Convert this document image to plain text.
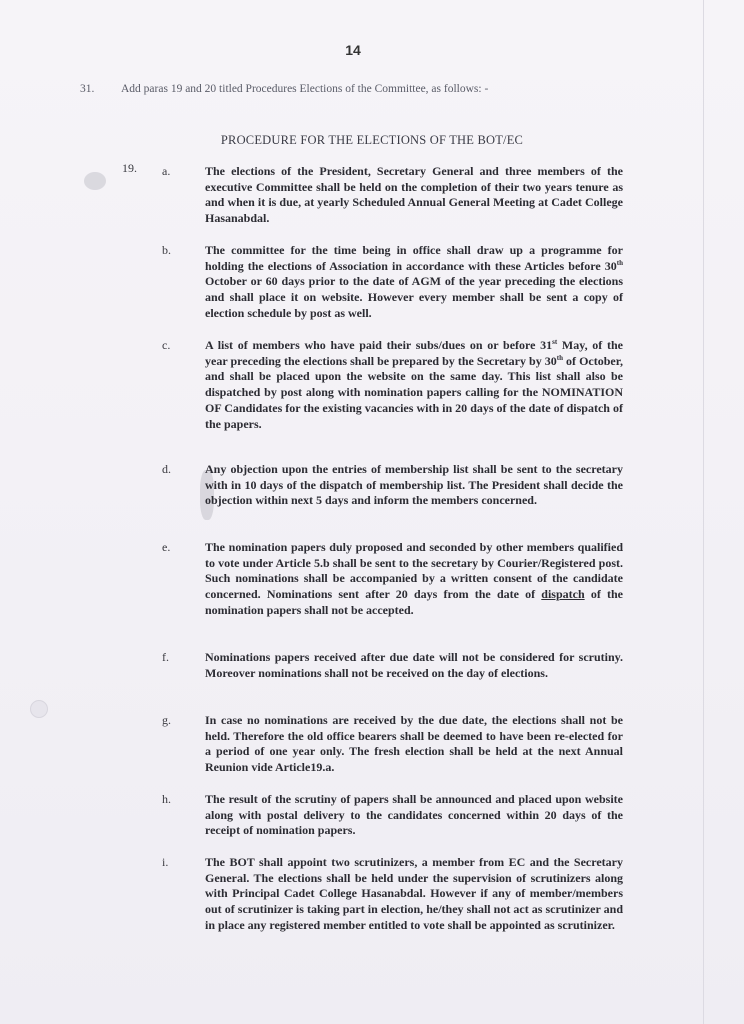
14
31. Add paras 19 and 20 titled Procedures Elections of the Committee, as follows: -
PROCEDURE FOR THE ELECTIONS OF THE BOT/EC
19. a.	The elections of the President, Secretary General and three members of the executive Committee shall be held on the completion of their two years tenure as and when it is due, at yearly Scheduled Annual General Meeting at Cadet College Hasanabdal.
b.	The committee for the time being in office shall draw up a programme for holding the elections of Association in accordance with these Articles before 30th October or 60 days prior to the date of AGM of the year preceding the elections and shall place it on website. However every member shall be sent a copy of election schedule by post as well.
c.	A list of members who have paid their subs/dues on or before 31st May, of the year preceding the elections shall be prepared by the Secretary by 30th of October, and shall be placed upon the website on the same day. This list shall also be dispatched by post along with nomination papers calling for the NOMINATION OF Candidates for the existing vacancies with in 20 days of the date of dispatch of the papers.
d.	Any objection upon the entries of membership list shall be sent to the secretary with in 10 days of the dispatch of membership list. The President shall decide the objection within next 5 days and inform the members concerned.
e.	The nomination papers duly proposed and seconded by other members qualified to vote under Article 5.b shall be sent to the secretary by Courier/Registered post. Such nominations shall be accompanied by a written consent of the candidate concerned. Nominations sent after 20 days from the date of dispatch of the nomination papers shall not be accepted.
f.	Nominations papers received after due date will not be considered for scrutiny. Moreover nominations shall not be received on the day of elections.
g.	In case no nominations are received by the due date, the elections shall not be held. Therefore the old office bearers shall be deemed to have been re-elected for a period of one year only. The fresh election shall be held at the next Annual Reunion vide Article19.a.
h.	The result of the scrutiny of papers shall be announced and placed upon website along with postal delivery to the candidates concerned within 20 days of the receipt of nomination papers.
i.	The BOT shall appoint two scrutinizers, a member from EC and the Secretary General. The elections shall be held under the supervision of scrutinizers along with Principal Cadet College Hasanabdal. However if any of member/members out of scrutinizer is taking part in election, he/they shall not act as scrutinizer and in place any registered member entitled to vote shall be appointed as scrutinizer.
